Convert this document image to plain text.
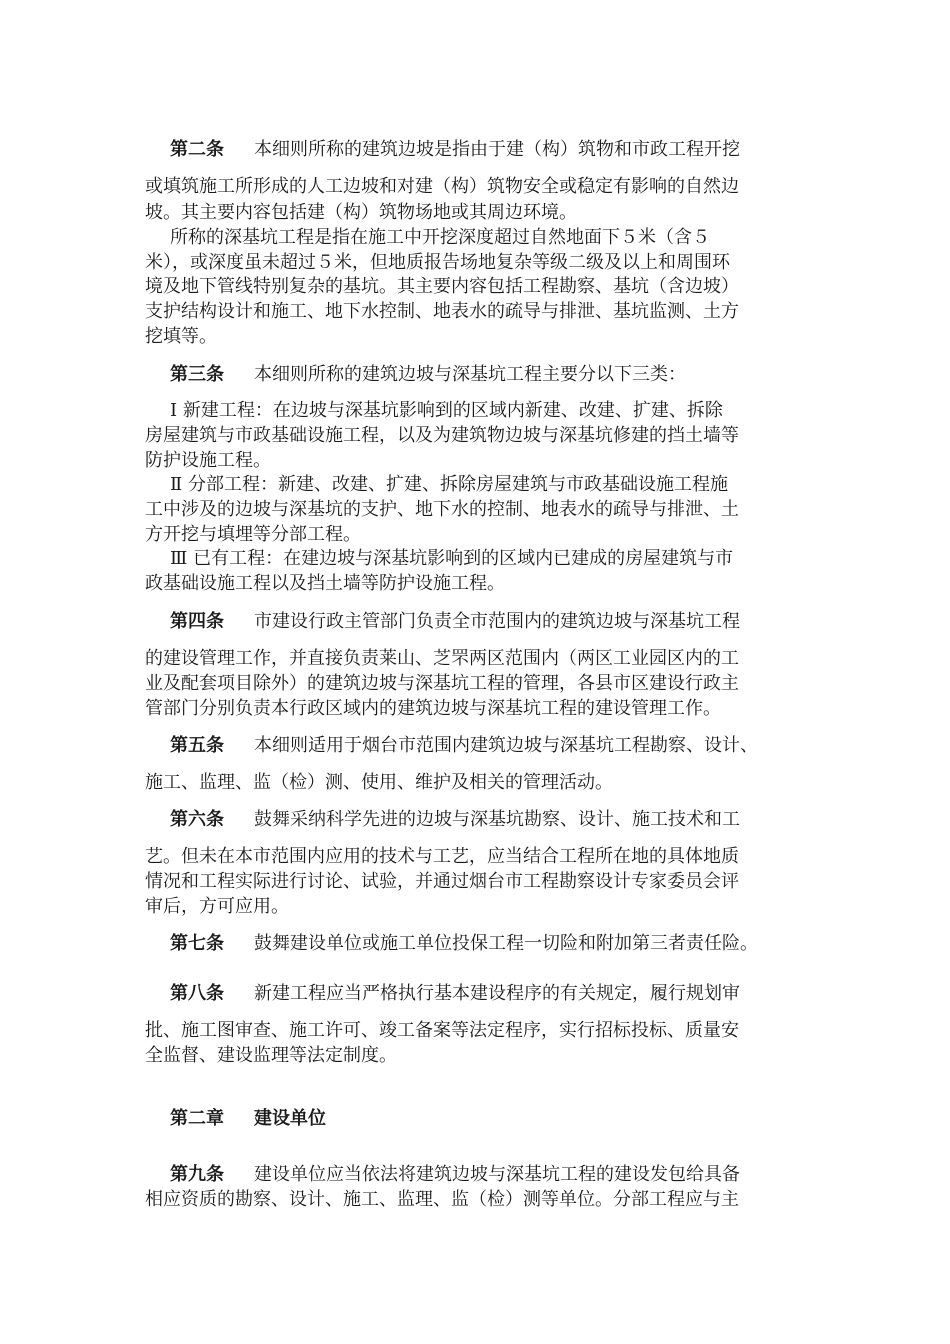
第二条 本细则所称的建筑边坡是指由于建（构）筑物和市政工程开挖
或填筑施工所形成的人工边坡和对建（构）筑物安全或稳定有影响的自然边
坡。其主要内容包括建（构）筑物场地或其周边环境。
所称的深基坑工程是指在施工中开挖深度超过自然地面下５米（含５
米），或深度虽未超过５米，但地质报告场地复杂等级二级及以上和周围环
境及地下管线特别复杂的基坑。其主要内容包括工程勘察、基坑（含边坡）
支护结构设计和施工、地下水控制、地表水的疏导与排泄、基坑监测、土方
挖填等。
第三条 本细则所称的建筑边坡与深基坑工程主要分以下三类：
Ⅰ 新建工程：在边坡与深基坑影响到的区域内新建、改建、扩建、拆除
房屋建筑与市政基础设施工程，以及为建筑物边坡与深基坑修建的挡土墙等
防护设施工程。
Ⅱ 分部工程：新建、改建、扩建、拆除房屋建筑与市政基础设施工程施
工中涉及的边坡与深基坑的支护、地下水的控制、地表水的疏导与排泄、土
方开挖与填埋等分部工程。
Ⅲ 已有工程：在建边坡与深基坑影响到的区域内已建成的房屋建筑与市
政基础设施工程以及挡土墙等防护设施工程。
第四条 市建设行政主管部门负责全市范围内的建筑边坡与深基坑工程
的建设管理工作，并直接负责莱山、芝罘两区范围内（两区工业园区内的工
业及配套项目除外）的建筑边坡与深基坑工程的管理，各县市区建设行政主
管部门分别负责本行政区域内的建筑边坡与深基坑工程的建设管理工作。
第五条 本细则适用于烟台市范围内建筑边坡与深基坑工程勘察、设计、
施工、监理、监（检）测、使用、维护及相关的管理活动。
第六条 鼓舞采纳科学先进的边坡与深基坑勘察、设计、施工技术和工
艺。但未在本市范围内应用的技术与工艺，应当结合工程所在地的具体地质
情况和工程实际进行讨论、试验，并通过烟台市工程勘察设计专家委员会评
审后，方可应用。
第七条 鼓舞建设单位或施工单位投保工程一切险和附加第三者责任险。
第八条 新建工程应当严格执行基本建设程序的有关规定，履行规划审
批、施工图审查、施工许可、竣工备案等法定程序，实行招标投标、质量安
全监督、建设监理等法定制度。
第二章 建设单位
第九条 建设单位应当依法将建筑边坡与深基坑工程的建设发包给具备
相应资质的勘察、设计、施工、监理、监（检）测等单位。分部工程应与主
